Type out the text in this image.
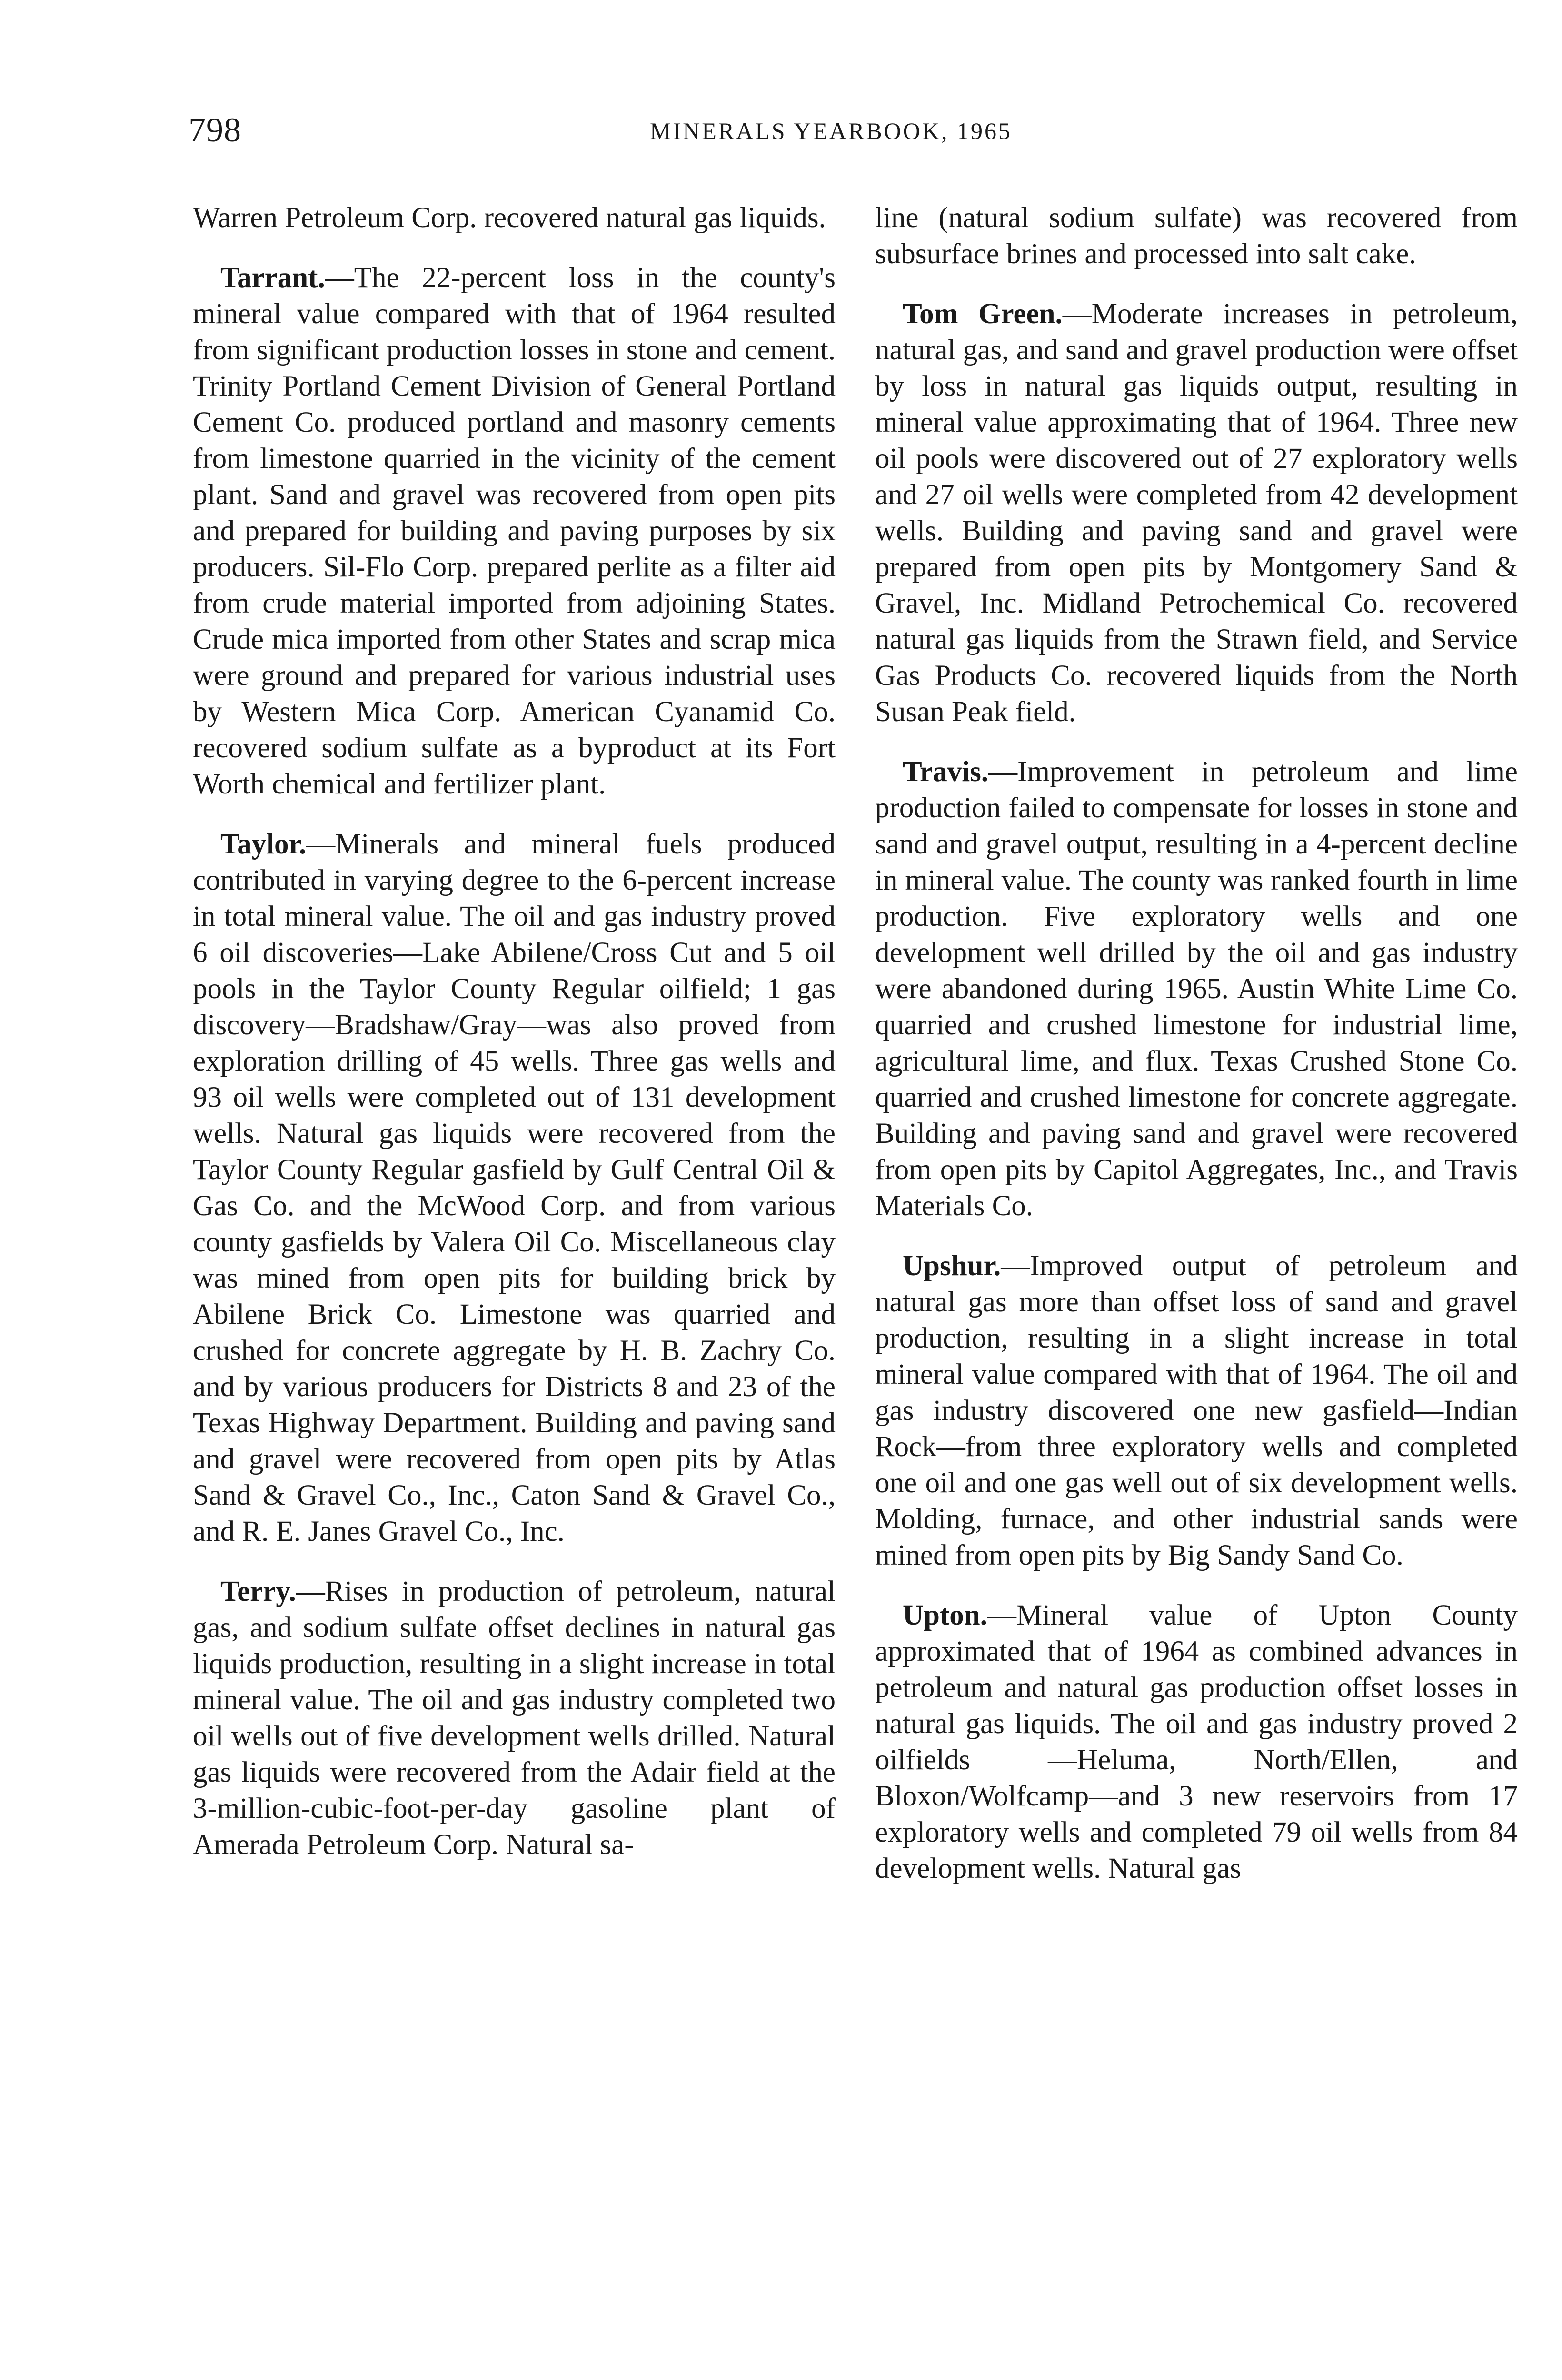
798	MINERALS YEARBOOK, 1965

Warren Petroleum Corp. recovered natural gas liquids.

Tarrant.—The 22-percent loss in the county's mineral value compared with that of 1964 resulted from significant production losses in stone and cement. Trinity Portland Cement Division of General Portland Cement Co. produced portland and masonry cements from limestone quarried in the vicinity of the cement plant. Sand and gravel was recovered from open pits and prepared for building and paving purposes by six producers. Sil-Flo Corp. prepared perlite as a filter aid from crude material imported from adjoining States. Crude mica imported from other States and scrap mica were ground and prepared for various industrial uses by Western Mica Corp. American Cyanamid Co. recovered sodium sulfate as a byproduct at its Fort Worth chemical and fertilizer plant.

Taylor.—Minerals and mineral fuels produced contributed in varying degree to the 6-percent increase in total mineral value. The oil and gas industry proved 6 oil discoveries—Lake Abilene/Cross Cut and 5 oil pools in the Taylor County Regular oilfield; 1 gas discovery—Bradshaw/Gray—was also proved from exploration drilling of 45 wells. Three gas wells and 93 oil wells were completed out of 131 development wells. Natural gas liquids were recovered from the Taylor County Regular gasfield by Gulf Central Oil & Gas Co. and the McWood Corp. and from various county gasfields by Valera Oil Co. Miscellaneous clay was mined from open pits for building brick by Abilene Brick Co. Limestone was quarried and crushed for concrete aggregate by H. B. Zachry Co. and by various producers for Districts 8 and 23 of the Texas Highway Department. Building and paving sand and gravel were recovered from open pits by Atlas Sand & Gravel Co., Inc., Caton Sand & Gravel Co., and R. E. Janes Gravel Co., Inc.

Terry.—Rises in production of petroleum, natural gas, and sodium sulfate offset declines in natural gas liquids production, resulting in a slight increase in total mineral value. The oil and gas industry completed two oil wells out of five development wells drilled. Natural gas liquids were recovered from the Adair field at the 3-million-cubic-foot-per-day gasoline plant of Amerada Petroleum Corp. Natural sa-

line (natural sodium sulfate) was recovered from subsurface brines and processed into salt cake.

Tom Green.—Moderate increases in petroleum, natural gas, and sand and gravel production were offset by loss in natural gas liquids output, resulting in mineral value approximating that of 1964. Three new oil pools were discovered out of 27 exploratory wells and 27 oil wells were completed from 42 development wells. Building and paving sand and gravel were prepared from open pits by Montgomery Sand & Gravel, Inc. Midland Petrochemical Co. recovered natural gas liquids from the Strawn field, and Service Gas Products Co. recovered liquids from the North Susan Peak field.

Travis.—Improvement in petroleum and lime production failed to compensate for losses in stone and sand and gravel output, resulting in a 4-percent decline in mineral value. The county was ranked fourth in lime production. Five exploratory wells and one development well drilled by the oil and gas industry were abandoned during 1965. Austin White Lime Co. quarried and crushed limestone for industrial lime, agricultural lime, and flux. Texas Crushed Stone Co. quarried and crushed limestone for concrete aggregate. Building and paving sand and gravel were recovered from open pits by Capitol Aggregates, Inc., and Travis Materials Co.

Upshur.—Improved output of petroleum and natural gas more than offset loss of sand and gravel production, resulting in a slight increase in total mineral value compared with that of 1964. The oil and gas industry discovered one new gasfield—Indian Rock—from three exploratory wells and completed one oil and one gas well out of six development wells. Molding, furnace, and other industrial sands were mined from open pits by Big Sandy Sand Co.

Upton.—Mineral value of Upton County approximated that of 1964 as combined advances in petroleum and natural gas production offset losses in natural gas liquids. The oil and gas industry proved 2 oilfields —Heluma, North/Ellen, and Bloxon/Wolfcamp—and 3 new reservoirs from 17 exploratory wells and completed 79 oil wells from 84 development wells. Natural gas
